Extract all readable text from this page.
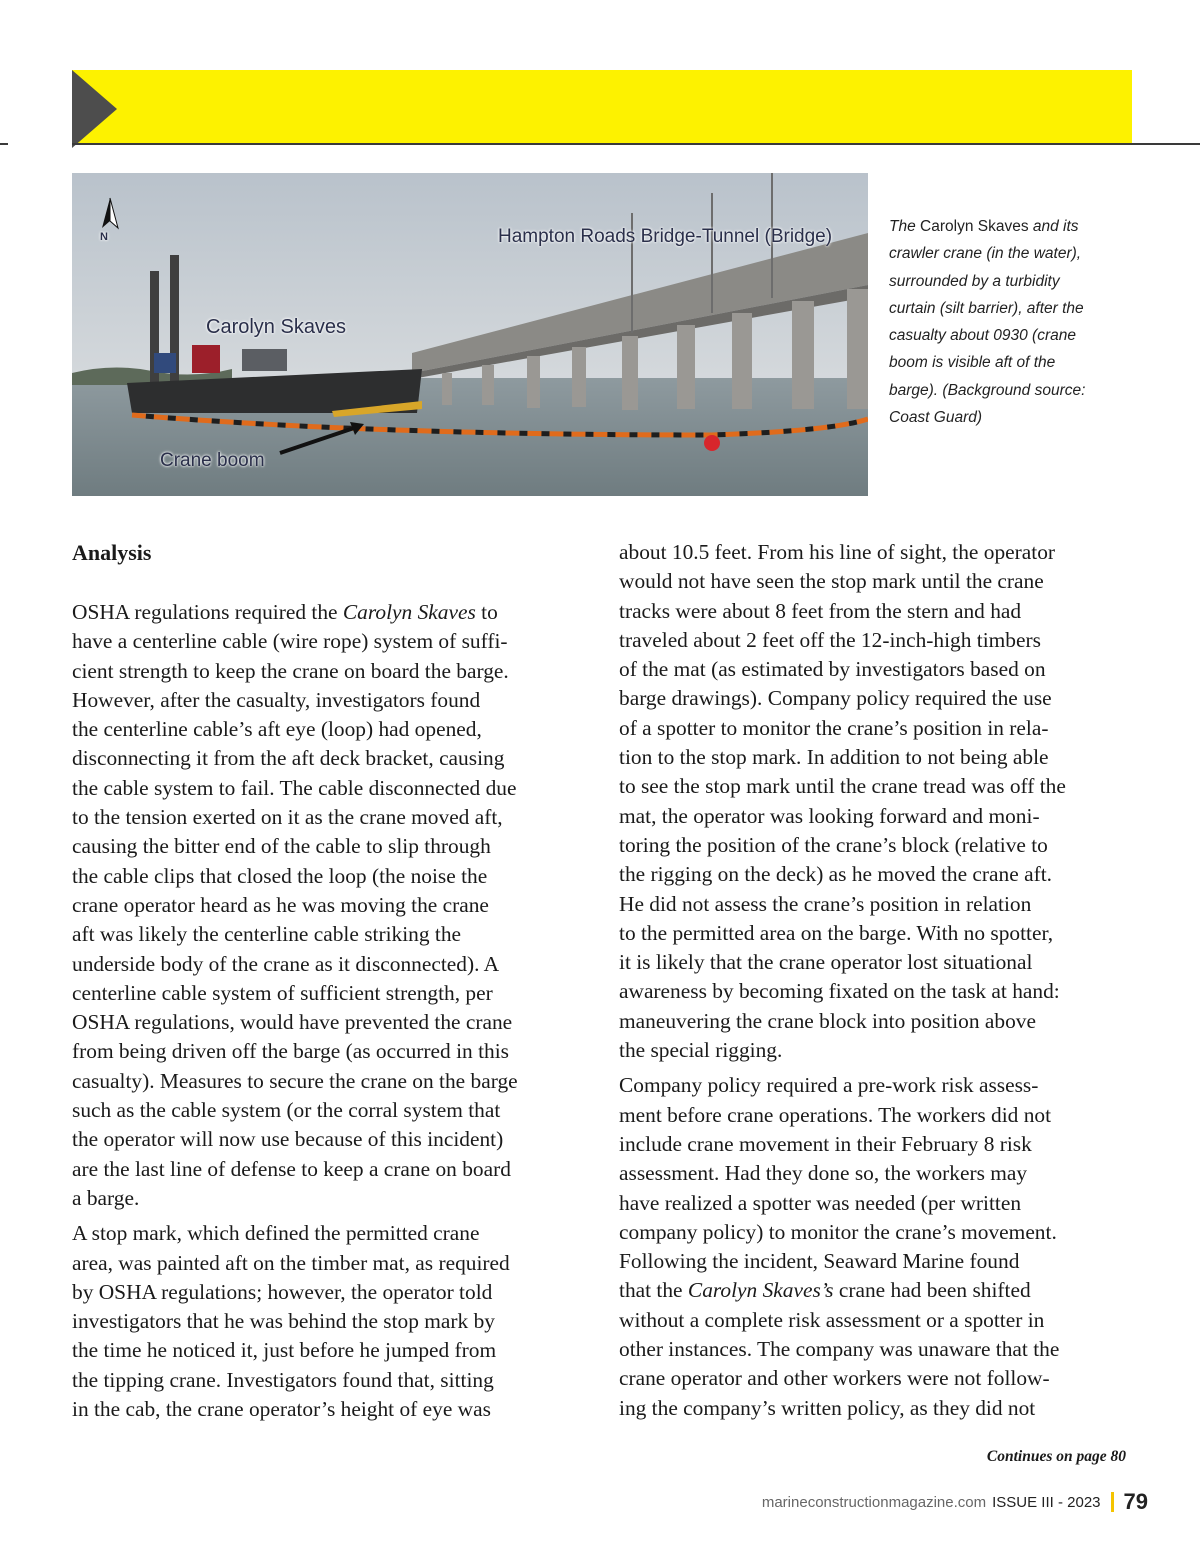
N	Hampton Roads Bridge-Tunnel (Bridge)
Carolyn Skaves
Crane boom
The Carolyn Skaves and its
crawler crane (in the water),
surrounded by a turbidity
curtain (silt barrier), after the
casualty about 0930 (crane
boom is visible aft of the
barge). (Background source:
Coast Guard)
Analysis

OSHA regulations required the Carolyn Skaves to
have a centerline cable (wire rope) system of suffi-
cient strength to keep the crane on board the barge.
However, after the casualty, investigators found
the centerline cable’s aft eye (loop) had opened,
disconnecting it from the aft deck bracket, causing
the cable system to fail. The cable disconnected due
to the tension exerted on it as the crane moved aft,
causing the bitter end of the cable to slip through
the cable clips that closed the loop (the noise the
crane operator heard as he was moving the crane
aft was likely the centerline cable striking the
underside body of the crane as it disconnected). A
centerline cable system of sufficient strength, per
OSHA regulations, would have prevented the crane
from being driven off the barge (as occurred in this
casualty). Measures to secure the crane on the barge
such as the cable system (or the corral system that
the operator will now use because of this incident)
are the last line of defense to keep a crane on board
a barge.

A stop mark, which defined the permitted crane
area, was painted aft on the timber mat, as required
by OSHA regulations; however, the operator told
investigators that he was behind the stop mark by
the time he noticed it, just before he jumped from
the tipping crane. Investigators found that, sitting
in the cab, the crane operator’s height of eye was

about 10.5 feet. From his line of sight, the operator
would not have seen the stop mark until the crane
tracks were about 8 feet from the stern and had
traveled about 2 feet off the 12-inch-high timbers
of the mat (as estimated by investigators based on
barge drawings). Company policy required the use
of a spotter to monitor the crane’s position in rela-
tion to the stop mark. In addition to not being able
to see the stop mark until the crane tread was off the
mat, the operator was looking forward and moni-
toring the position of the crane’s block (relative to
the rigging on the deck) as he moved the crane aft.
He did not assess the crane’s position in relation
to the permitted area on the barge. With no spotter,
it is likely that the crane operator lost situational
awareness by becoming fixated on the task at hand:
maneuvering the crane block into position above
the special rigging.

Company policy required a pre-work risk assess-
ment before crane operations. The workers did not
include crane movement in their February 8 risk
assessment. Had they done so, the workers may
have realized a spotter was needed (per written
company policy) to monitor the crane’s movement.
Following the incident, Seaward Marine found
that the Carolyn Skaves’s crane had been shifted
without a complete risk assessment or a spotter in
other instances. The company was unaware that the
crane operator and other workers were not follow-
ing the company’s written policy, as they did not

Continues on page 80
marineconstructionmagazine.com ISSUE III - 2023 79
